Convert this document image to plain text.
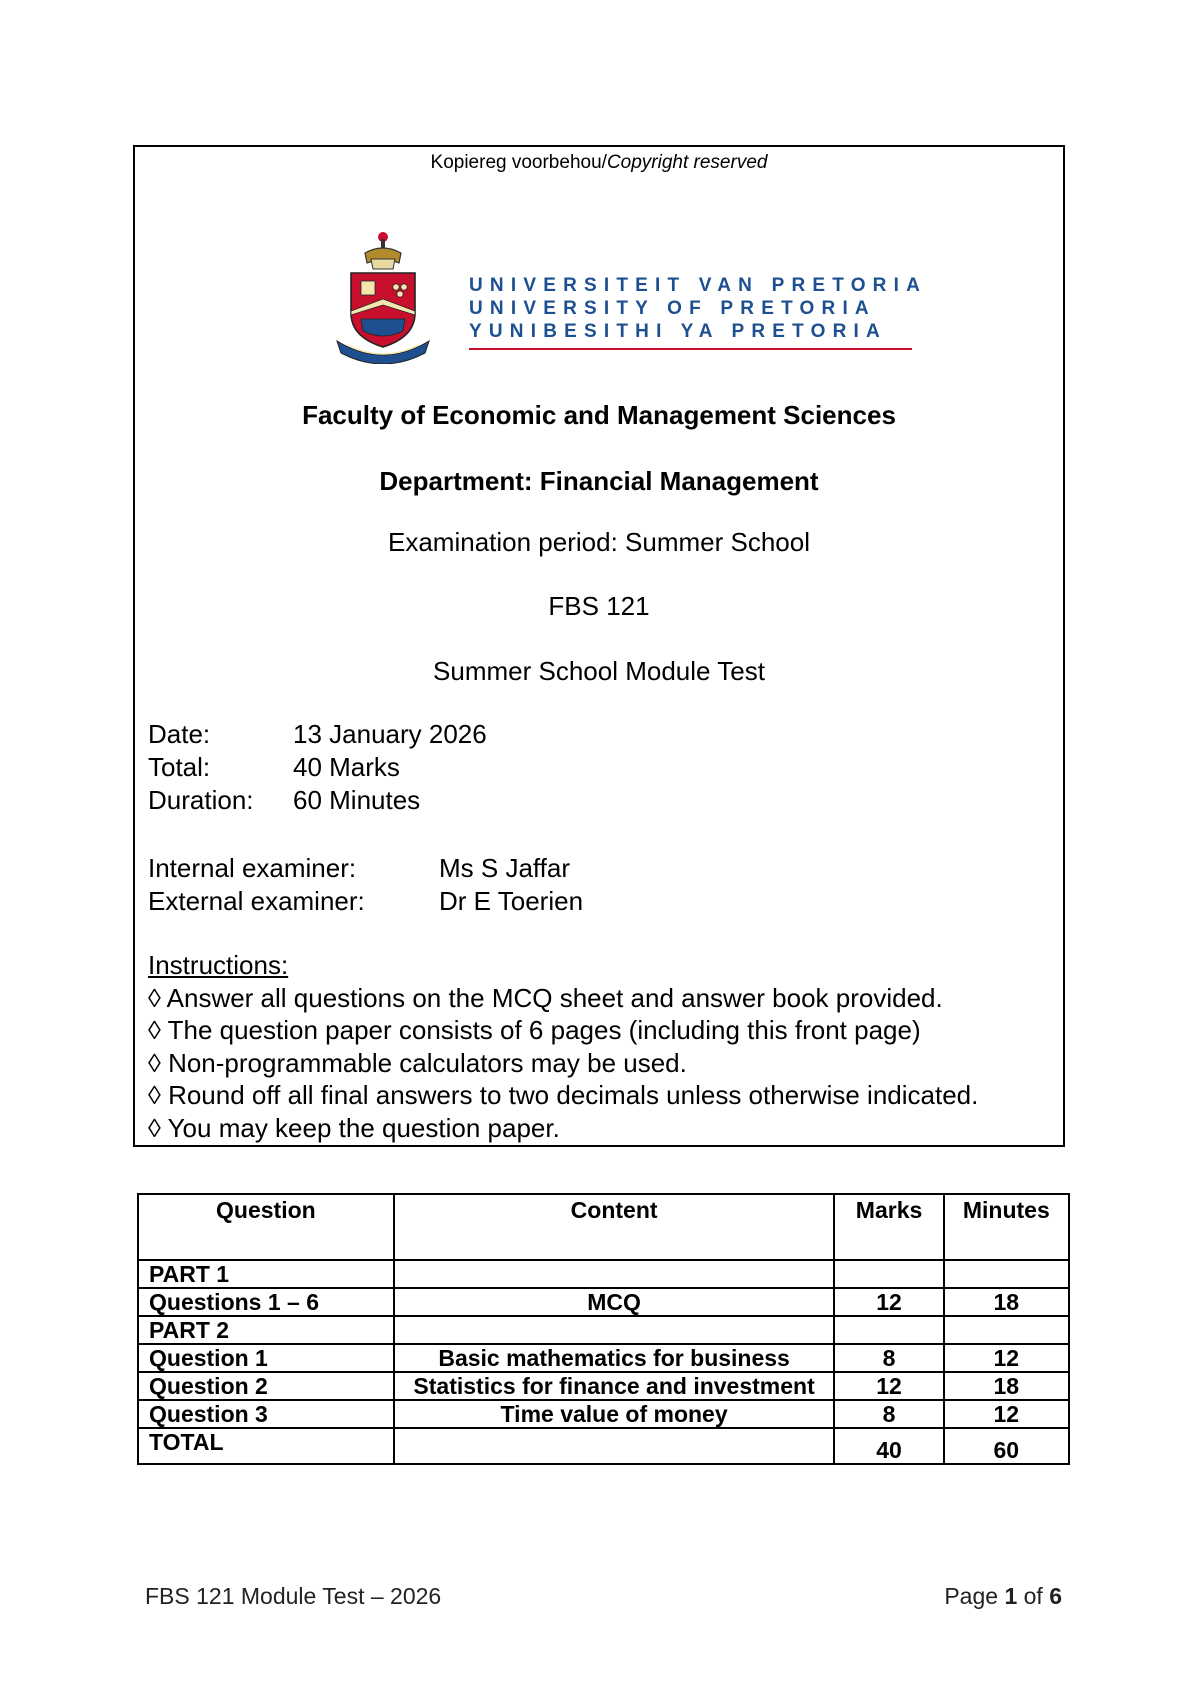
Kopiereg voorbehou/Copyright reserved
UNIVERSITEIT VAN PRETORIA
UNIVERSITY OF PRETORIA
YUNIBESITHI YA PRETORIA
Faculty of Economic and Management Sciences
Department: Financial Management
Examination period: Summer School
FBS 121
Summer School Module Test
Date:	13 January 2026
Total:	40 Marks
Duration:	60 Minutes
Internal examiner:	Ms S Jaffar
External examiner:	Dr E Toerien
Instructions:
◊ Answer all questions on the MCQ sheet and answer book provided.
◊ The question paper consists of 6 pages (including this front page)
◊ Non-programmable calculators may be used.
◊ Round off all final answers to two decimals unless otherwise indicated.
◊ You may keep the question paper.
Question	Content	Marks	Minutes
PART 1			
Questions 1 – 6	MCQ	12	18
PART 2			
Question 1	Basic mathematics for business	8	12
Question 2	Statistics for finance and investment	12	18
Question 3	Time value of money	8	12
TOTAL		40	60
FBS 121 Module Test – 2026	Page 1 of 6
